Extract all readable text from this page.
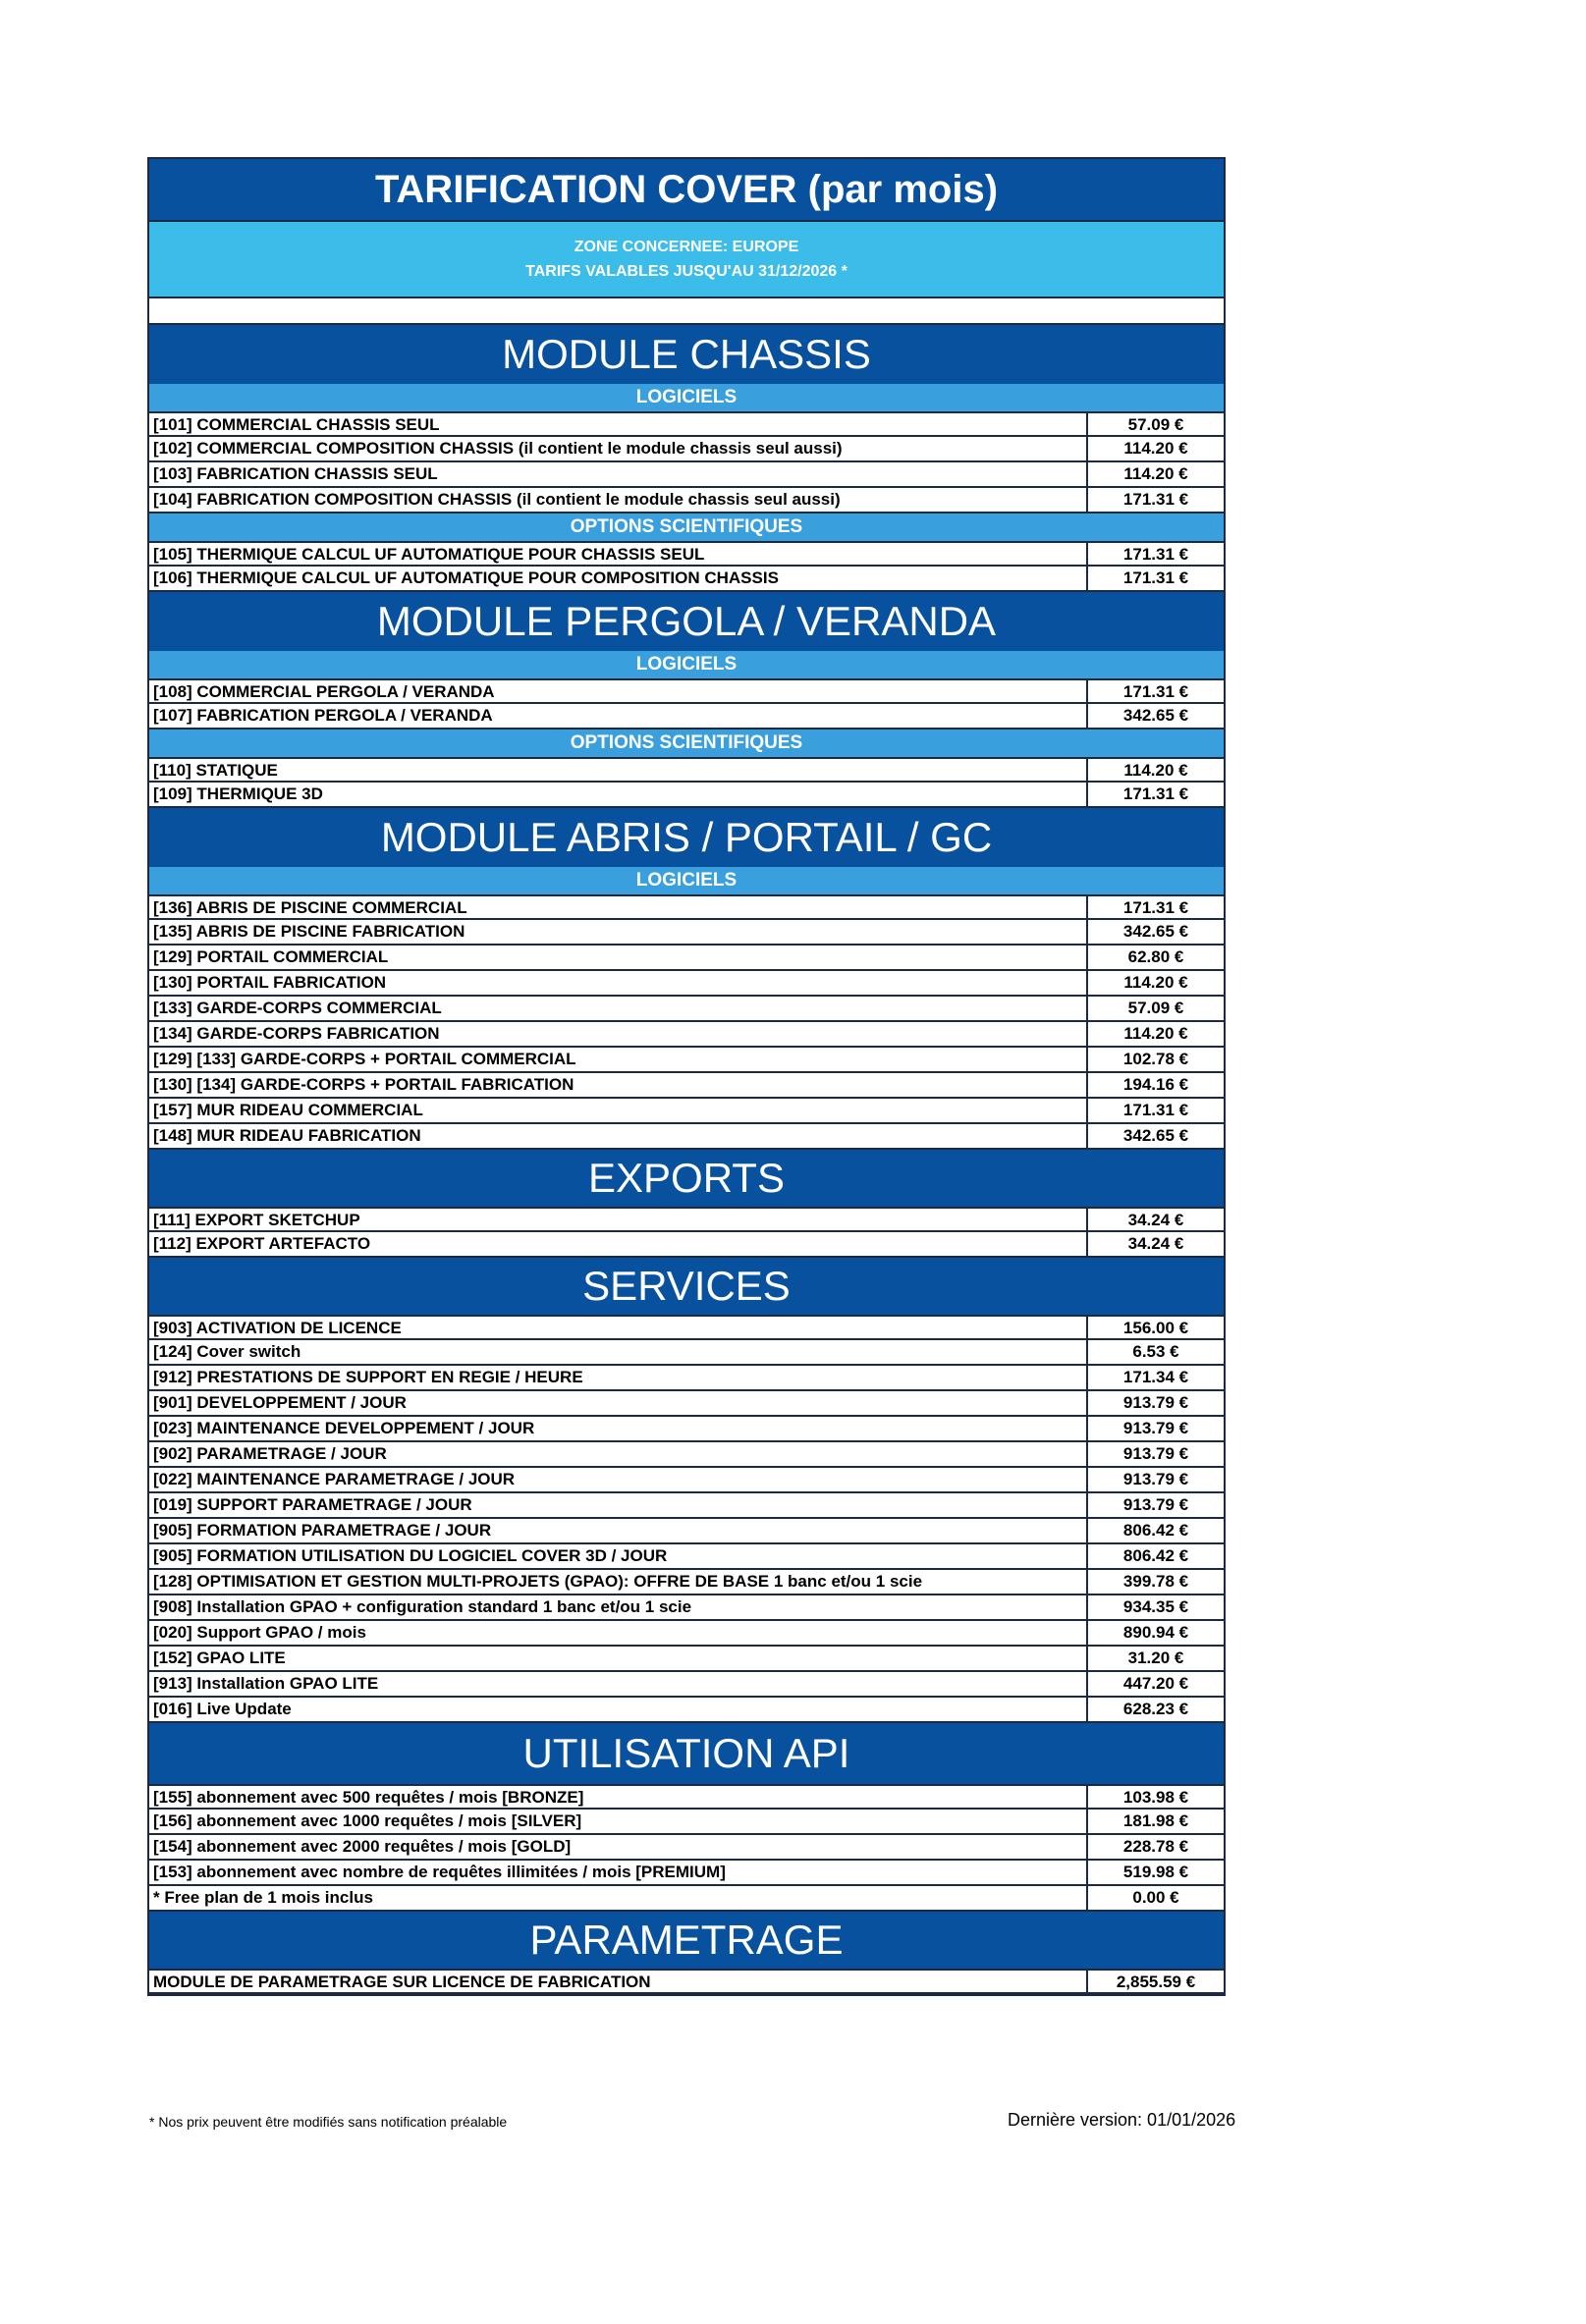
TARIFICATION COVER (par mois)
ZONE CONCERNEE: EUROPE
TARIFS VALABLES JUSQU'AU 31/12/2026 *
MODULE CHASSIS
LOGICIELS
[101] COMMERCIAL CHASSIS SEUL	57.09 €
[102] COMMERCIAL COMPOSITION CHASSIS (il contient le module chassis seul aussi)	114.20 €
[103] FABRICATION CHASSIS SEUL	114.20 €
[104] FABRICATION COMPOSITION CHASSIS (il contient le module chassis seul aussi)	171.31 €
OPTIONS SCIENTIFIQUES
[105] THERMIQUE CALCUL UF AUTOMATIQUE POUR CHASSIS SEUL	171.31 €
[106] THERMIQUE CALCUL UF AUTOMATIQUE POUR COMPOSITION CHASSIS	171.31 €
MODULE PERGOLA / VERANDA
LOGICIELS
[108] COMMERCIAL PERGOLA / VERANDA	171.31 €
[107] FABRICATION PERGOLA / VERANDA	342.65 €
OPTIONS SCIENTIFIQUES
[110] STATIQUE	114.20 €
[109] THERMIQUE 3D	171.31 €
MODULE ABRIS / PORTAIL / GC
LOGICIELS
[136] ABRIS DE PISCINE COMMERCIAL	171.31 €
[135] ABRIS DE PISCINE FABRICATION	342.65 €
[129] PORTAIL COMMERCIAL	62.80 €
[130] PORTAIL FABRICATION	114.20 €
[133] GARDE-CORPS COMMERCIAL	57.09 €
[134] GARDE-CORPS FABRICATION	114.20 €
[129] [133] GARDE-CORPS + PORTAIL COMMERCIAL	102.78 €
[130] [134] GARDE-CORPS + PORTAIL FABRICATION	194.16 €
[157] MUR RIDEAU COMMERCIAL	171.31 €
[148] MUR RIDEAU FABRICATION	342.65 €
EXPORTS
[111] EXPORT SKETCHUP	34.24 €
[112] EXPORT ARTEFACTO	34.24 €
SERVICES
[903] ACTIVATION DE LICENCE	156.00 €
[124] Cover switch	6.53 €
[912] PRESTATIONS DE SUPPORT EN REGIE / HEURE	171.34 €
[901] DEVELOPPEMENT / JOUR	913.79 €
[023] MAINTENANCE DEVELOPPEMENT / JOUR	913.79 €
[902] PARAMETRAGE / JOUR	913.79 €
[022] MAINTENANCE PARAMETRAGE / JOUR	913.79 €
[019] SUPPORT PARAMETRAGE / JOUR	913.79 €
[905] FORMATION PARAMETRAGE / JOUR	806.42 €
[905] FORMATION UTILISATION DU LOGICIEL COVER 3D / JOUR	806.42 €
[128] OPTIMISATION ET GESTION MULTI-PROJETS (GPAO): OFFRE DE BASE 1 banc et/ou 1 scie	399.78 €
[908] Installation GPAO + configuration standard 1 banc et/ou 1 scie	934.35 €
[020] Support GPAO / mois	890.94 €
[152] GPAO LITE	31.20 €
[913] Installation GPAO LITE	447.20 €
[016] Live Update	628.23 €
UTILISATION API
[155] abonnement avec 500 requêtes / mois [BRONZE]	103.98 €
[156] abonnement avec 1000 requêtes / mois [SILVER]	181.98 €
[154] abonnement avec 2000 requêtes / mois [GOLD]	228.78 €
[153] abonnement avec nombre de requêtes illimitées / mois [PREMIUM]	519.98 €
* Free plan de 1 mois inclus	0.00 €
PARAMETRAGE
MODULE DE PARAMETRAGE SUR LICENCE DE FABRICATION	2,855.59 €
* Nos prix peuvent être modifiés sans notification préalable	Dernière version: 01/01/2026
